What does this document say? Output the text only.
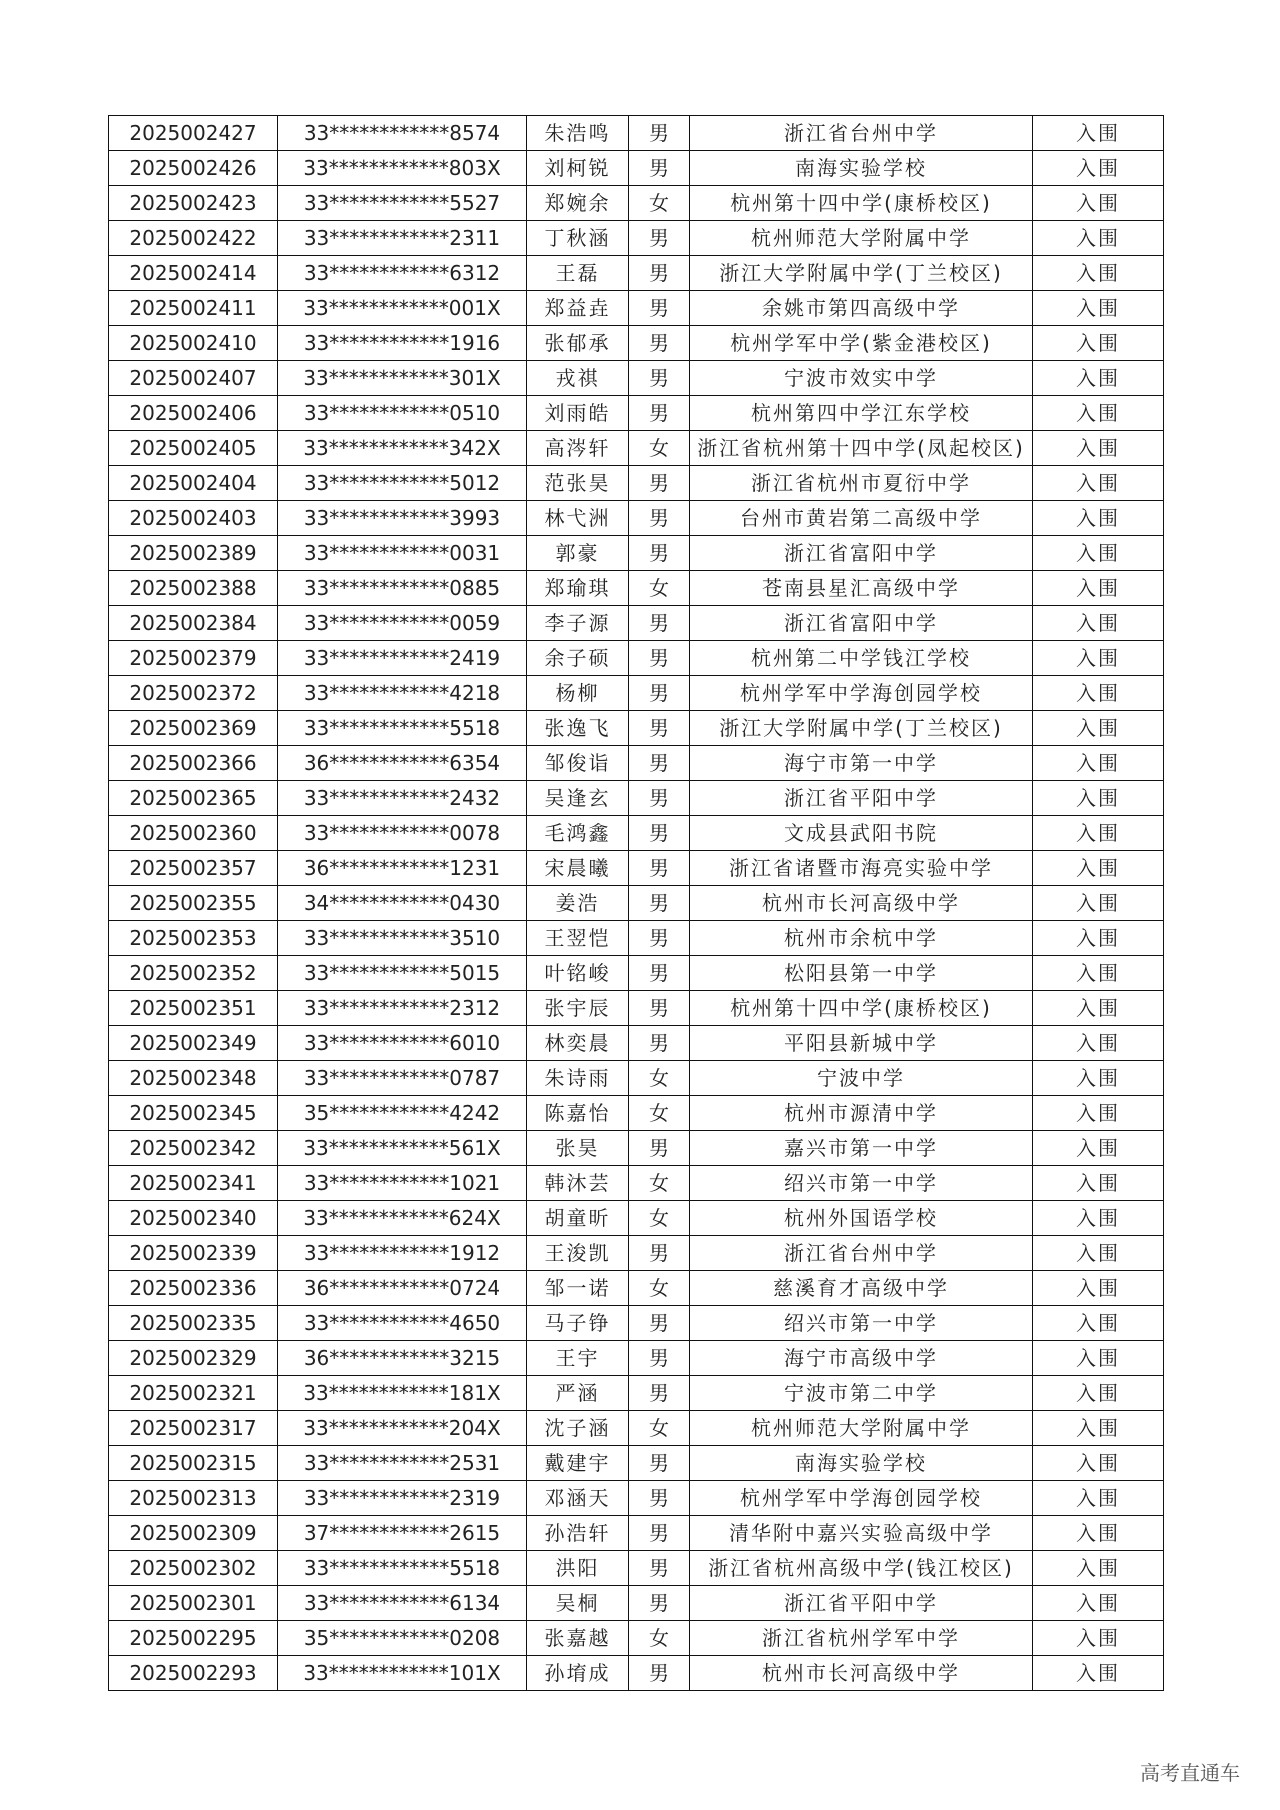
2025002427	33************8574	朱浩鸣	男	浙江省台州中学	入围
2025002426	33************803X	刘柯锐	男	南海实验学校	入围
2025002423	33************5527	郑婉余	女	杭州第十四中学(康桥校区)	入围
2025002422	33************2311	丁秋涵	男	杭州师范大学附属中学	入围
2025002414	33************6312	王磊	男	浙江大学附属中学(丁兰校区)	入围
2025002411	33************001X	郑益垚	男	余姚市第四高级中学	入围
2025002410	33************1916	张郁承	男	杭州学军中学(紫金港校区)	入围
2025002407	33************301X	戎祺	男	宁波市效实中学	入围
2025002406	33************0510	刘雨皓	男	杭州第四中学江东学校	入围
2025002405	33************342X	高涔轩	女	浙江省杭州第十四中学(凤起校区)	入围
2025002404	33************5012	范张昊	男	浙江省杭州市夏衍中学	入围
2025002403	33************3993	林弋洲	男	台州市黄岩第二高级中学	入围
2025002389	33************0031	郭豪	男	浙江省富阳中学	入围
2025002388	33************0885	郑瑜琪	女	苍南县星汇高级中学	入围
2025002384	33************0059	李子源	男	浙江省富阳中学	入围
2025002379	33************2419	余子硕	男	杭州第二中学钱江学校	入围
2025002372	33************4218	杨柳	男	杭州学军中学海创园学校	入围
2025002369	33************5518	张逸飞	男	浙江大学附属中学(丁兰校区)	入围
2025002366	36************6354	邹俊诣	男	海宁市第一中学	入围
2025002365	33************2432	吴逢玄	男	浙江省平阳中学	入围
2025002360	33************0078	毛鸿鑫	男	文成县武阳书院	入围
2025002357	36************1231	宋晨曦	男	浙江省诸暨市海亮实验中学	入围
2025002355	34************0430	姜浩	男	杭州市长河高级中学	入围
2025002353	33************3510	王翌恺	男	杭州市余杭中学	入围
2025002352	33************5015	叶铭峻	男	松阳县第一中学	入围
2025002351	33************2312	张宇辰	男	杭州第十四中学(康桥校区)	入围
2025002349	33************6010	林奕晨	男	平阳县新城中学	入围
2025002348	33************0787	朱诗雨	女	宁波中学	入围
2025002345	35************4242	陈嘉怡	女	杭州市源清中学	入围
2025002342	33************561X	张昊	男	嘉兴市第一中学	入围
2025002341	33************1021	韩沐芸	女	绍兴市第一中学	入围
2025002340	33************624X	胡童昕	女	杭州外国语学校	入围
2025002339	33************1912	王浚凯	男	浙江省台州中学	入围
2025002336	36************0724	邹一诺	女	慈溪育才高级中学	入围
2025002335	33************4650	马子铮	男	绍兴市第一中学	入围
2025002329	36************3215	王宇	男	海宁市高级中学	入围
2025002321	33************181X	严涵	男	宁波市第二中学	入围
2025002317	33************204X	沈子涵	女	杭州师范大学附属中学	入围
2025002315	33************2531	戴建宇	男	南海实验学校	入围
2025002313	33************2319	邓涵天	男	杭州学军中学海创园学校	入围
2025002309	37************2615	孙浩轩	男	清华附中嘉兴实验高级中学	入围
2025002302	33************5518	洪阳	男	浙江省杭州高级中学(钱江校区)	入围
2025002301	33************6134	吴桐	男	浙江省平阳中学	入围
2025002295	35************0208	张嘉越	女	浙江省杭州学军中学	入围
2025002293	33************101X	孙堉成	男	杭州市长河高级中学	入围
高考直通车
